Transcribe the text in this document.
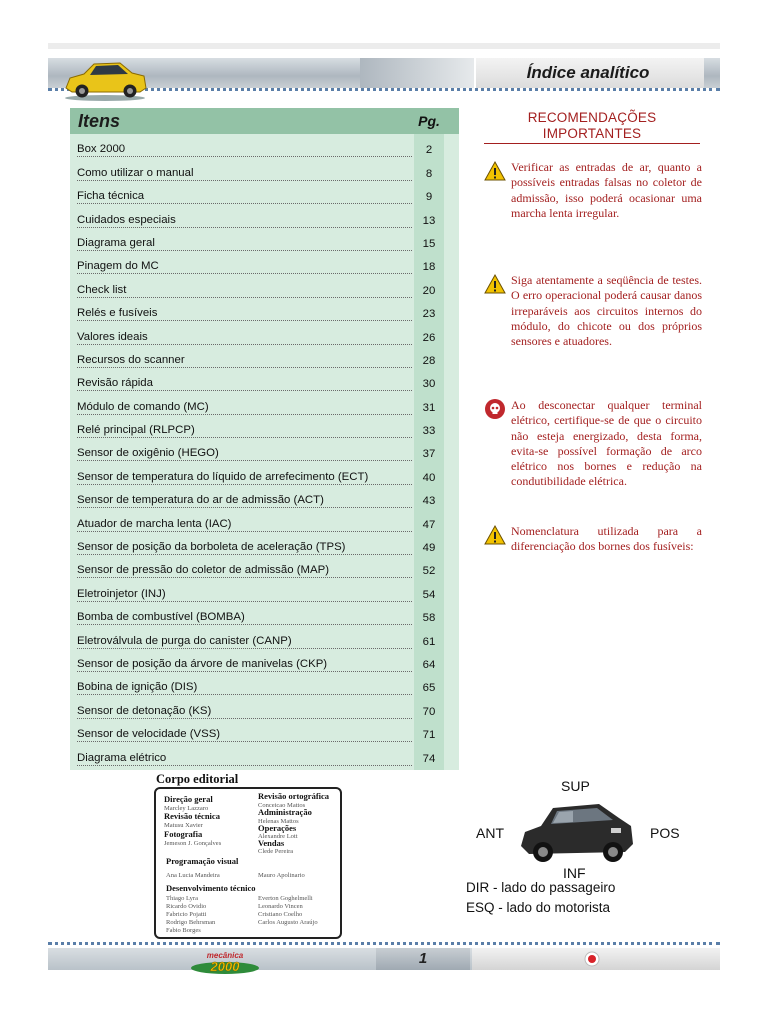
Índice analítico
Itens	Pg.
Box 2000	2
Como utilizar o manual	8
Ficha técnica	9
Cuidados especiais	13
Diagrama geral	15
Pinagem do MC	18
Check list	20
Relés e fusíveis	23
Valores ideais	26
Recursos do scanner	28
Revisão rápida	30
Módulo de comando (MC)	31
Relé principal (RLPCP)	33
Sensor de oxigênio (HEGO)	37
Sensor de temperatura do líquido de arrefecimento (ECT)	40
Sensor de temperatura do ar de admissão (ACT)	43
Atuador de marcha lenta (IAC)	47
Sensor de posição da borboleta de aceleração (TPS)	49
Sensor de pressão do coletor de admissão (MAP)	52
Eletroinjetor (INJ)	54
Bomba de combustível (BOMBA)	58
Eletroválvula de purga do canister (CANP)	61
Sensor de posição da árvore de manivelas (CKP)	64
Bobina de ignição (DIS)	65
Sensor de detonação (KS)	70
Sensor de velocidade (VSS)	71
Diagrama elétrico	74
RECOMENDAÇÕES IMPORTANTES
Verificar as entradas de ar, quanto a possíveis entradas falsas no coletor de admissão, isso poderá ocasionar uma marcha lenta irregular.
Siga atentamente a seqüência de testes. O erro operacional poderá causar danos irreparáveis aos circuitos internos do módulo, do chicote ou dos próprios sensores e atuadores.
Ao desconectar qualquer terminal elétrico, certifique-se de que o circuito não esteja energizado, desta forma, evita-se possível formação de arco elétrico nos bornes e redução na condutibilidade elétrica.
Nomenclatura utilizada para a diferenciação dos bornes dos fusíveis:
Corpo editorial
Direção geral
Marcley Lazzaro
Revisão técnica
Matusu Xavier
Fotografia
Jemeson J. Gonçalves
Revisão ortográfica
Conceicao Mattos
Administração
Helenas Mattos
Operações
Alexandre Lott
Vendas
Clede Pereira
Programação visual
Ana Lucia Mandeira	Mauro Apolinario
Desenvolvimento técnico
Thiago Lyra
Ricardo Ovidio
Fabricio Pojatti
Rodrigo Behrsman
Fabio Borges
Everton Goghelmelli
Leonardo Vincen
Cristiano Coelho
Carlos Augusto Araújo
SUP
ANT	POS
INF
DIR - lado do passageiro
ESQ - lado do motorista
1
mecânica
2000
